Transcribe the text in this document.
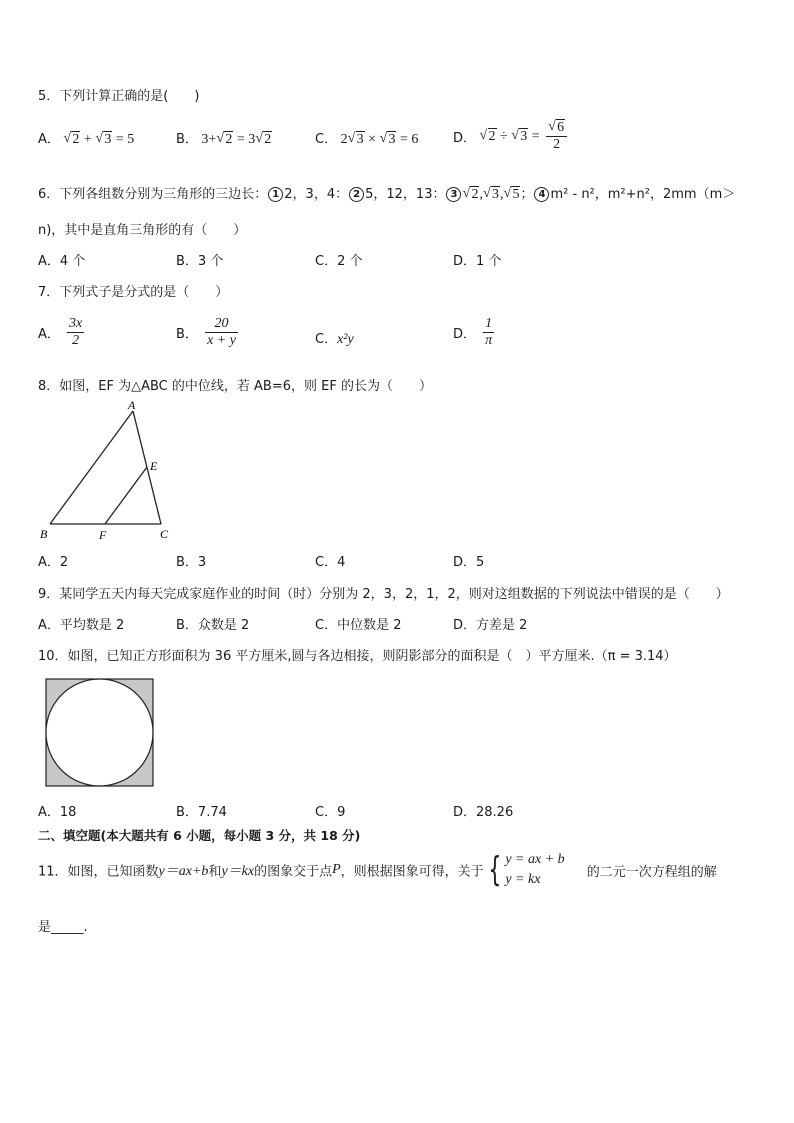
5．下列计算正确的是(　　)
A． √ 2 + √ 3 = 5	B． 3+ √ 2 = 3 √ 2	C． 2 √ 3 × √ 3 = 6	D． √ 2 ÷ √ 3 = √ $\frac{6}{2}$
6．下列各组数分别为三角形的三边长： 1 2，3，4： 2 5，12，13： 3 √ 2, √ 3, √ 5； 4 m² - n²，m²+n²，2mm（m＞
n)，其中是直角三角形的有（　　）
A．4 个	B．3 个	C．2 个	D．1 个
7．下列式子是分式的是（　　）
A． $\frac{3x}{2}$	B． $\frac{20}{x + y}$	C．x²y	D． $\frac{1}{\pi}$
8．如图，EF 为△ABC 的中位线，若 AB=6，则 EF 的长为（　　）
A
E
B	F	C
A．2	B．3	C．4	D．5
9．某同学五天内每天完成家庭作业的时间（时）分别为 2，3，2，1，2，则对这组数据的下列说法中错误的是（　　）
A．平均数是 2	B．众数是 2	C．中位数是 2	D．方差是 2
10．如图，已知正方形面积为 36 平方厘米,圆与各边相接，则阴影部分的面积是（　）平方厘米.（π = 3.14）
A．18	B．7.74	C．9	D．28.26
二、填空题(本大题共有 6 小题，每小题 3 分，共 18 分)
11．如图，已知函数y＝ax+b和y＝kx的图象交于点P，则根据图象可得，关于 { y = ax + b
y = kx	的二元一次方程组的解
是_____.
